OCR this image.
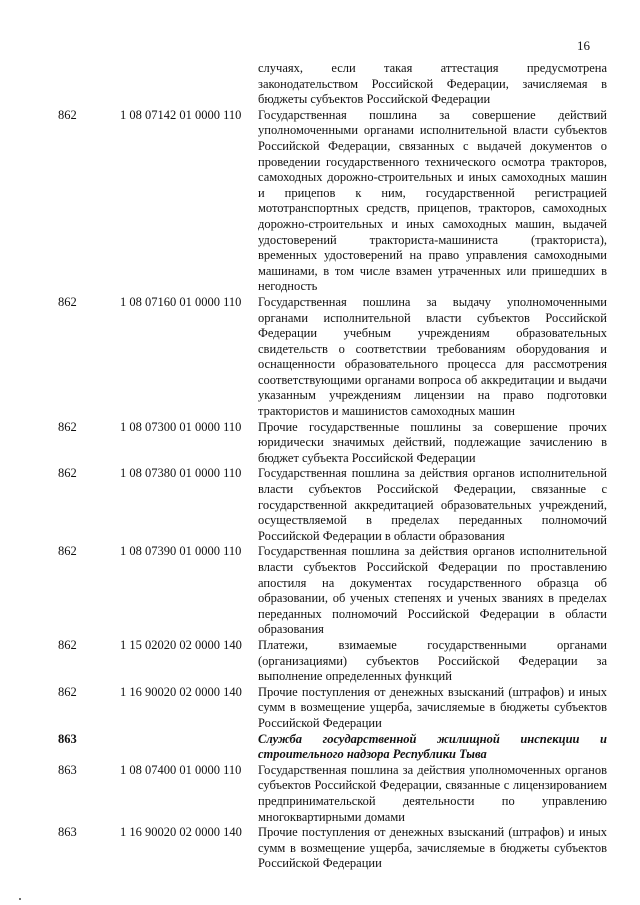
16
случаях, если такая аттестация предусмотрена законодательством Российской Федерации, зачисляемая в бюджеты субъектов Российской Федерации
862	1 08 07142 01 0000 110 Государственная пошлина за совершение действий уполномоченными органами исполнительной власти субъектов Российской Федерации, связанных с выдачей документов о проведении государственного технического осмотра тракторов, самоходных дорожно-строительных и иных самоходных машин и прицепов к ним, государственной регистрацией мототранспортных средств, прицепов, тракторов, самоходных дорожно-строительных и иных самоходных машин, выдачей удостоверений тракториста-машиниста (тракториста), временных удостоверений на право управления самоходными машинами, в том числе взамен утраченных или пришедших в негодность
862	1 08 07160 01 0000 110 Государственная пошлина за выдачу уполномоченными органами исполнительной власти субъектов Российской Федерации учебным учреждениям образовательных свидетельств о соответствии требованиям оборудования и оснащенности образовательного процесса для рассмотрения соответствующими органами вопроса об аккредитации и выдачи указанным учреждениям лицензии на право подготовки трактористов и машинистов самоходных машин
862	1 08 07300 01 0000 110 Прочие государственные пошлины за совершение прочих юридически значимых действий, подлежащие зачислению в бюджет субъекта Российской Федерации
862	1 08 07380 01 0000 110 Государственная пошлина за действия органов исполнительной власти субъектов Российской Федерации, связанные с государственной аккредитацией образовательных учреждений, осуществляемой в пределах переданных полномочий Российской Федерации в области образования
862	1 08 07390 01 0000 110 Государственная пошлина за действия органов исполнительной власти субъектов Российской Федерации по проставлению апостиля на документах государственного образца об образовании, об ученых степенях и ученых званиях в пределах переданных полномочий Российской Федерации в области образования
862	1 15 02020 02 0000 140 Платежи, взимаемые государственными органами (организациями) субъектов Российской Федерации за выполнение определенных функций
862	1 16 90020 02 0000 140 Прочие поступления от денежных взысканий (штрафов) и иных сумм в возмещение ущерба, зачисляемые в бюджеты субъектов Российской Федерации
863	Служба государственной жилищной инспекции и строительного надзора Республики Тыва
863	1 08 07400 01 0000 110 Государственная пошлина за действия уполномоченных органов субъектов Российской Федерации, связанные с лицензированием предпринимательской деятельности по управлению многоквартирными домами
863	1 16 90020 02 0000 140 Прочие поступления от денежных взысканий (штрафов) и иных сумм в возмещение ущерба, зачисляемые в бюджеты субъектов Российской Федерации
